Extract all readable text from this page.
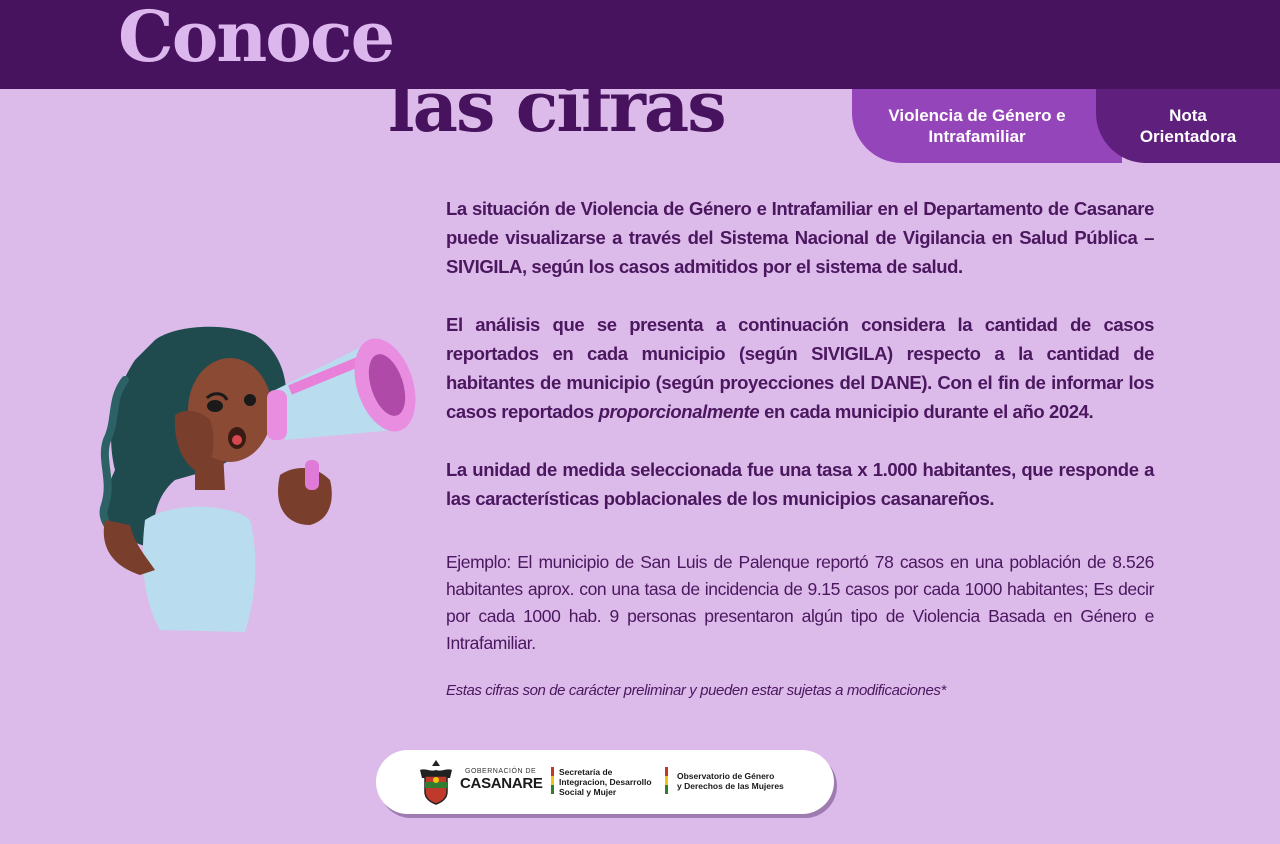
Conoce
las cifras	Violencia de Género e Intrafamiliar
Nota Orientadora

La situación de Violencia de Género e Intrafamiliar en el Departamento de Casanare puede visualizarse a través del Sistema Nacional de Vigilancia en Salud Pública –SIVIGILA, según los casos admitidos por el sistema de salud.

El análisis que se presenta a continuación considera la cantidad de casos reportados en cada municipio (según SIVIGILA) respecto a la cantidad de habitantes de municipio (según proyecciones del DANE). Con el fin de informar los casos reportados proporcionalmente en cada municipio durante el año 2024.

La unidad de medida seleccionada fue una tasa x 1.000 habitantes, que responde a las características poblacionales de los municipios casanareños.

Ejemplo: El municipio de San Luis de Palenque reportó 78 casos en una población de 8.526 habitantes aprox. con una tasa de incidencia de 9.15 casos por cada 1000 habitantes; Es decir por cada 1000 hab. 9 personas presentaron algún tipo de Violencia Basada en Género e Intrafamiliar.

Estas cifras son de carácter preliminar y pueden estar sujetas a modificaciones*

GOBERNACIÓN DE
CASANARE
Secretaría de
Integracion, Desarrollo
Social y Mujer
Observatorio de Género
y Derechos de las Mujeres
